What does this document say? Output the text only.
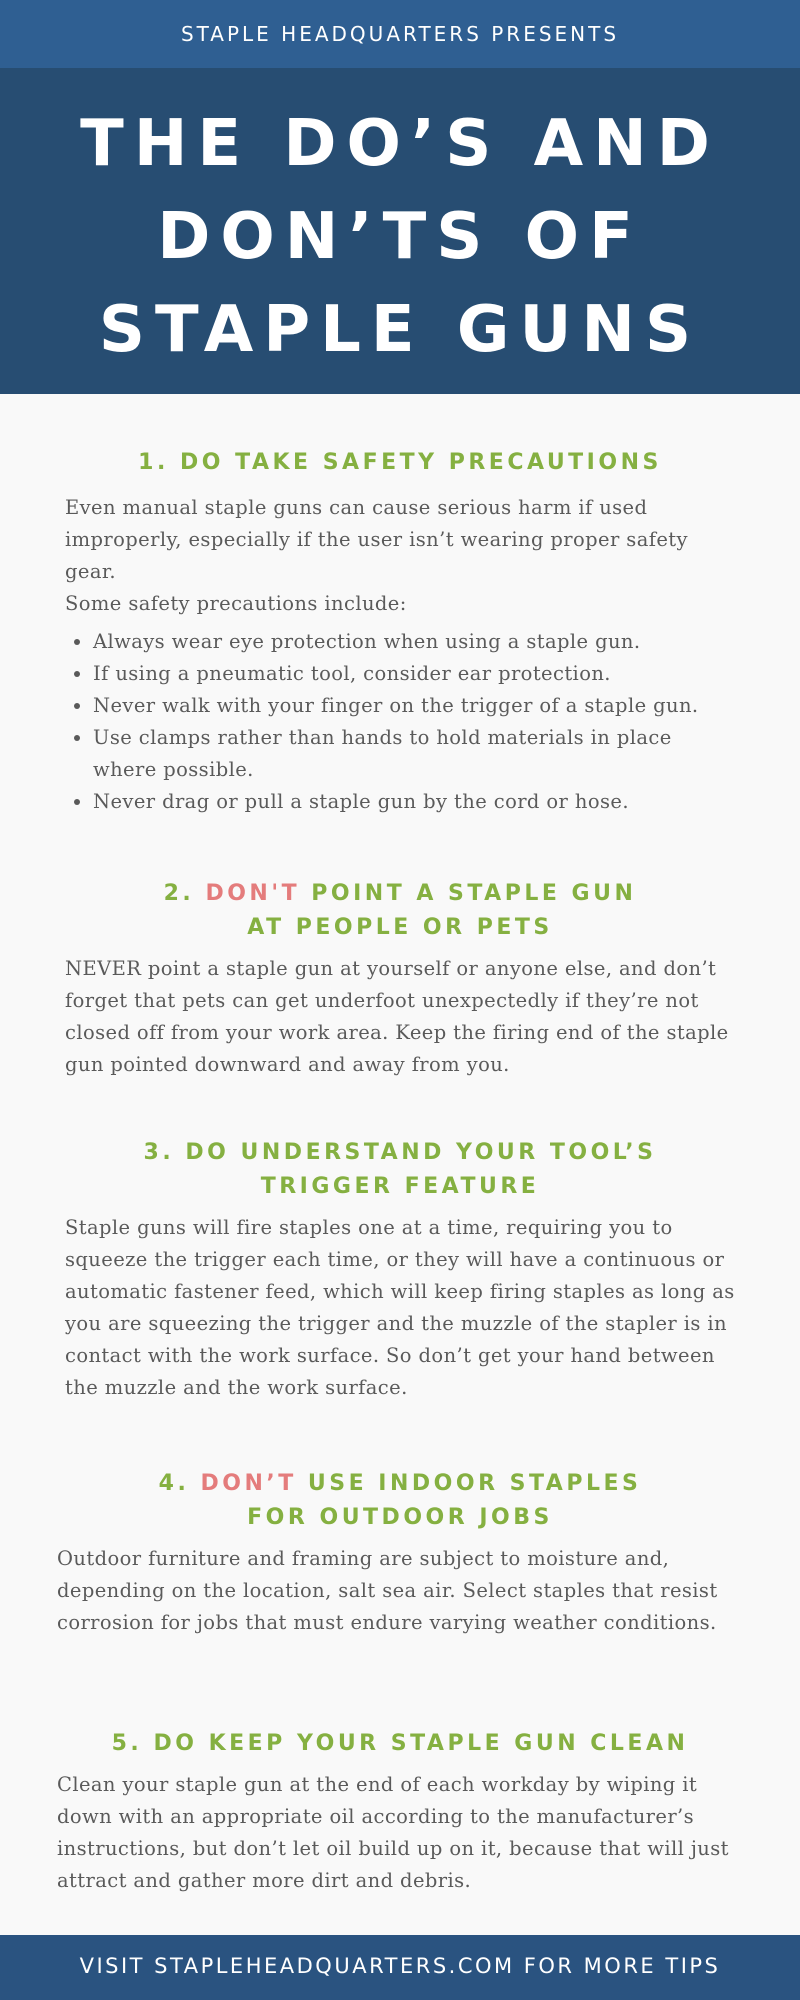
STAPLE HEADQUARTERS PRESENTS
THE DO’S AND
DON’TS OF
STAPLE GUNS
1. DO TAKE SAFETY PRECAUTIONS

Even manual staple guns can cause serious harm if used improperly, especially if the user isn’t wearing proper safety gear.

Some safety precautions include:

• Always wear eye protection when using a staple gun.
• If using a pneumatic tool, consider ear protection.
• Never walk with your finger on the trigger of a staple gun.
• Use clamps rather than hands to hold materials in place where possible.
• Never drag or pull a staple gun by the cord or hose.
2. DON'T POINT A STAPLE GUN
AT PEOPLE OR PETS

NEVER point a staple gun at yourself or anyone else, and don’t forget that pets can get underfoot unexpectedly if they’re not closed off from your work area. Keep the firing end of the staple gun pointed downward and away from you.

3. DO UNDERSTAND YOUR TOOL’S
TRIGGER FEATURE

Staple guns will fire staples one at a time, requiring you to squeeze the trigger each time, or they will have a continuous or automatic fastener feed, which will keep firing staples as long as you are squeezing the trigger and the muzzle of the stapler is in contact with the work surface. So don’t get your hand between the muzzle and the work surface.

4. DON’T USE INDOOR STAPLES
FOR OUTDOOR JOBS

Outdoor furniture and framing are subject to moisture and, depending on the location, salt sea air. Select staples that resist corrosion for jobs that must endure varying weather conditions.

5. DO KEEP YOUR STAPLE GUN CLEAN

Clean your staple gun at the end of each workday by wiping it down with an appropriate oil according to the manufacturer’s instructions, but don’t let oil build up on it, because that will just attract and gather more dirt and debris.

VISIT STAPLEHEADQUARTERS.COM FOR MORE TIPS
